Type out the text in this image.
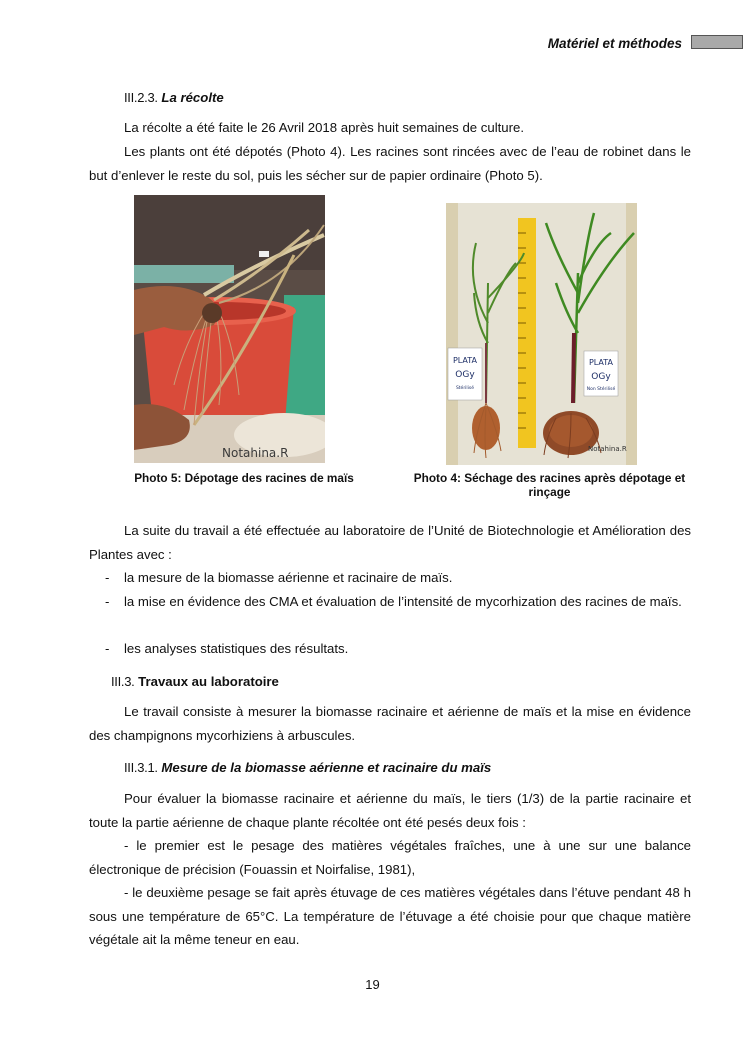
Matériel et méthodes
III.2.3. La récolte
La récolte a été faite le 26 Avril 2018 après huit semaines de culture.
Les plants ont été dépotés (Photo 4). Les racines sont rincées avec de l’eau de robinet dans le but d’enlever le reste du sol, puis les sécher sur de papier ordinaire (Photo 5).
Notahina.R
Photo 5: Dépotage des racines de maïs
PLATA
OGy
Stérilisé
PLATA
OGy
Non Stérilisé
Notahina.R
Photo 4: Séchage des racines après dépotage et rinçage
La suite du travail a été effectuée au laboratoire de l’Unité de Biotechnologie et Amélioration des Plantes avec :
- la mesure de la biomasse aérienne et racinaire de maïs.
- la mise en évidence des CMA et évaluation de l’intensité de mycorhization des racines de maïs.
- les analyses statistiques des résultats.
III.3. Travaux au laboratoire
Le travail consiste à mesurer la biomasse racinaire et aérienne de maïs et la mise en évidence des champignons mycorhiziens à arbuscules.
III.3.1. Mesure de la biomasse aérienne et racinaire du maïs
Pour évaluer la biomasse racinaire et aérienne du maïs, le tiers (1/3) de la partie racinaire et toute la partie aérienne de chaque plante récoltée ont été pesés deux fois :
- le premier est le pesage des matières végétales fraîches, une à une sur une balance électronique de précision (Fouassin et Noirfalise, 1981),
- le deuxième pesage se fait après étuvage de ces matières végétales dans l’étuve pendant 48 h sous une température de 65°C. La température de l’étuvage a été choisie pour que chaque matière végétale ait la même teneur en eau.
19
